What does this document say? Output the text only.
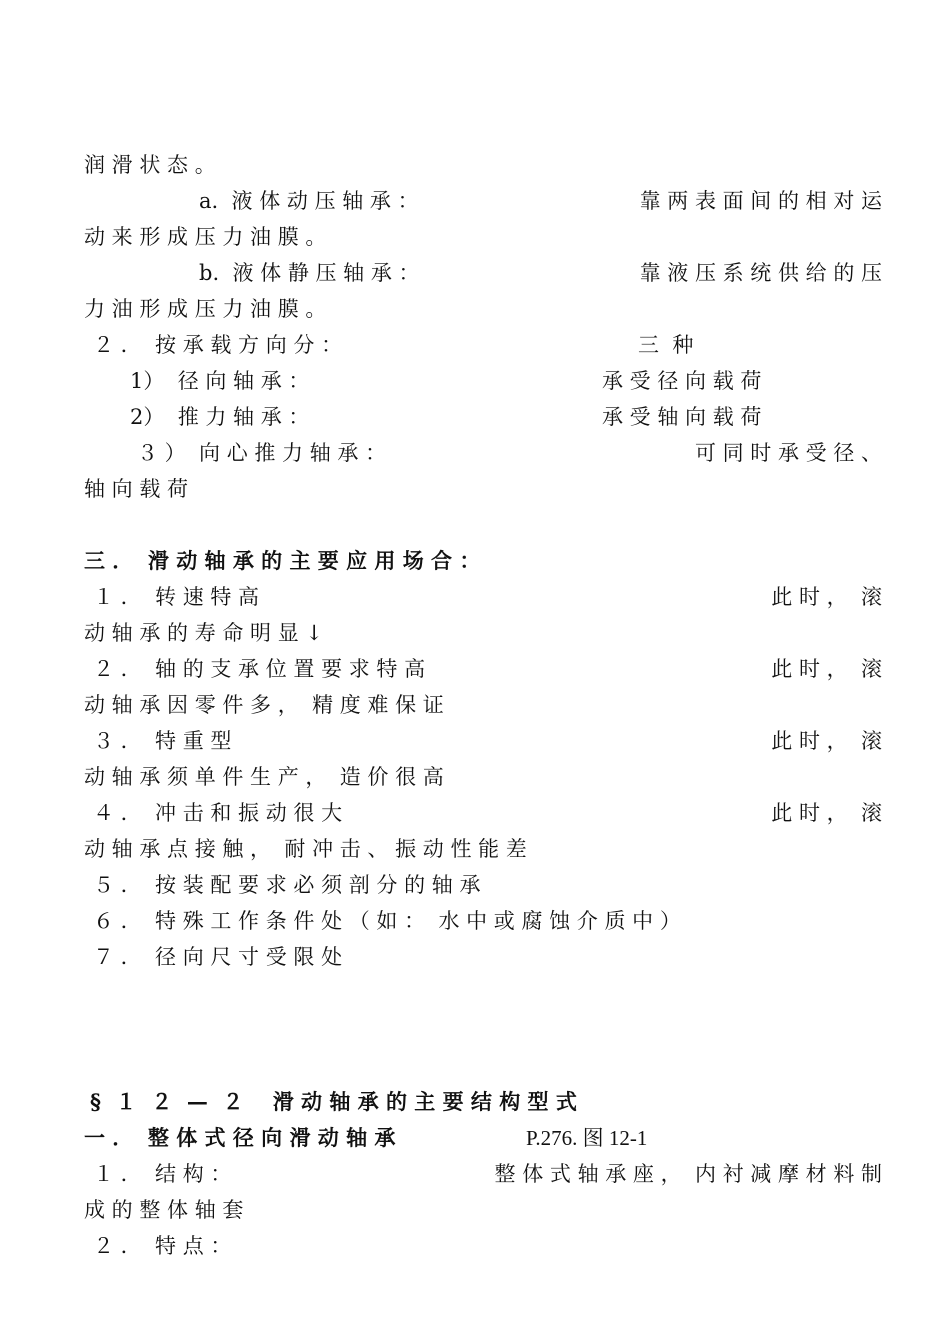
润 滑 状 态 。
a.  液 体 动 压 轴 承 ：	靠 两 表 面 间 的 相 对 运
动 来 形 成 压 力 油 膜 。
b.  液 体 静 压 轴 承 ：	靠 液 压 系 统 供 给 的 压
力 油 形 成 压 力 油 膜 。
２ ．  按 承 载 方 向 分 ：	三  种
1）  径 向 轴 承 ：	承 受 径 向 载 荷
2）  推 力 轴 承 ：	承 受 轴 向 载 荷
３ ）  向 心 推 力 轴 承 ：	可 同 时 承 受 径 、
轴 向 载 荷
三 ．  滑 动 轴 承 的 主 要 应 用 场 合 ：
１ ．  转 速 特 高	此 时 ，  滚
动 轴 承 的 寿 命 明 显 ↓
２ ．  轴 的 支 承 位 置 要 求 特 高	此 时 ，  滚
动 轴 承 因 零 件 多 ，  精 度 难 保 证
３ ．  特 重 型	此 时 ，  滚
动 轴 承 须 单 件 生 产 ，  造 价 很 高
４ ．  冲 击 和 振 动 很 大	此 时 ，  滚
动 轴 承 点 接 触 ，  耐 冲 击 、 振 动 性 能 差
５ ．  按 装 配 要 求 必 须 剖 分 的 轴 承
６ ．  特 殊 工 作 条 件 处 （ 如 ：  水 中 或 腐 蚀 介 质 中 ）
７ ．  径 向 尺 寸 受 限 处
§  １  ２  —  ２    滑 动 轴 承 的 主 要 结 构 型 式
一 ．  整 体 式 径 向 滑 动 轴 承	P.276. 图 12-1
１ ．  结 构 ：	整 体 式 轴 承 座 ，  内 衬 减 摩 材 料 制
成 的 整 体 轴 套
２ ．  特 点 ：
